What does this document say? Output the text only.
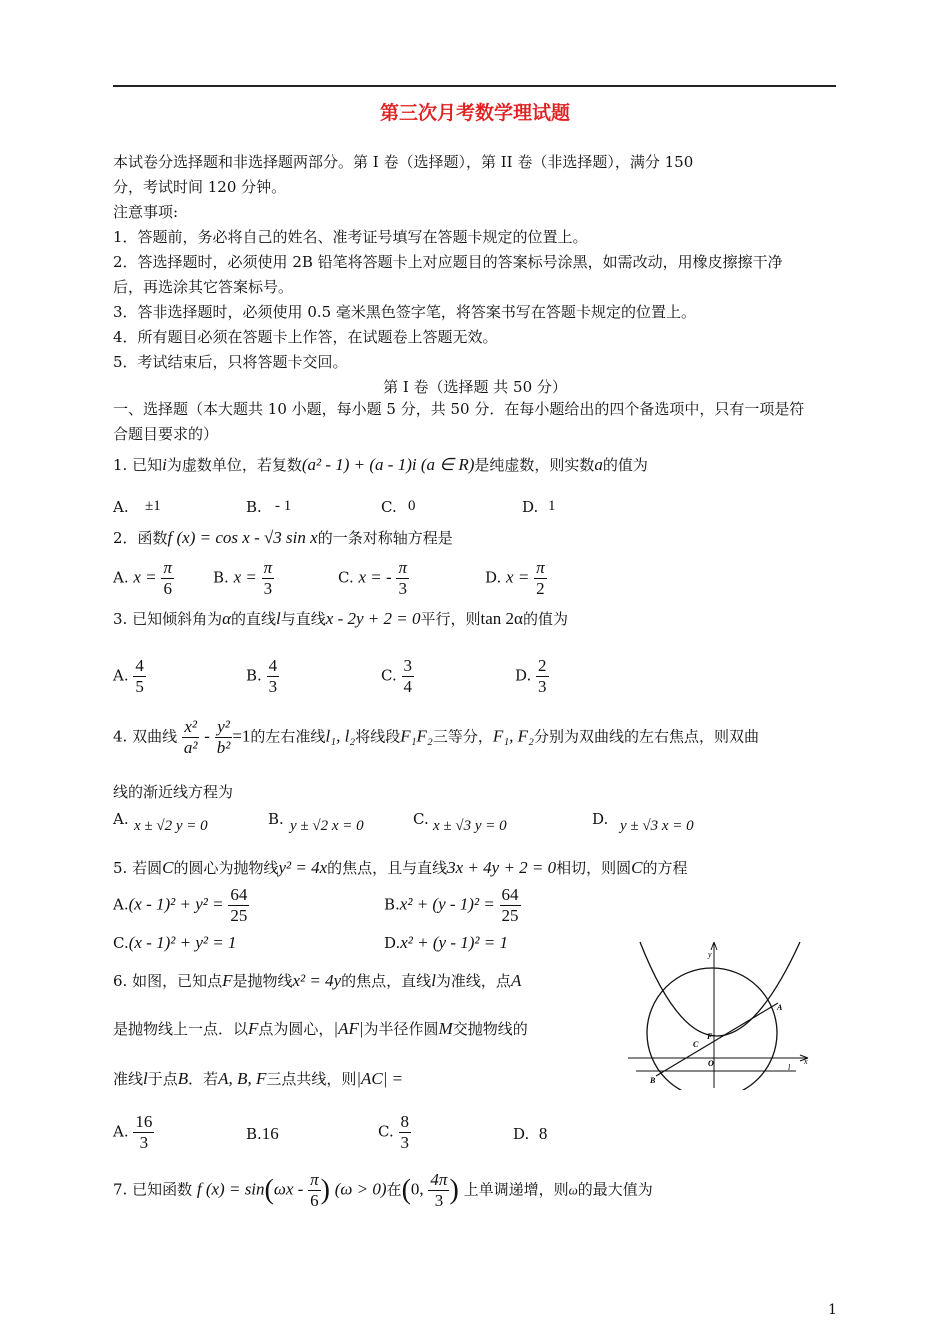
第三次月考数学理试题
本试卷分选择题和非选择题两部分。第 I 卷（选择题），第 II 卷（非选择题），满分 150
分，考试时间 120 分钟。
注意事项:
1．答题前，务必将自己的姓名、准考证号填写在答题卡规定的位置上。
2．答选择题时，必须使用 2B 铅笔将答题卡上对应题目的答案标号涂黑，如需改动，用橡皮擦擦干净
后，再选涂其它答案标号。
3．答非选择题时，必须使用 0.5 毫米黑色签字笔，将答案书写在答题卡规定的位置上。
4．所有题目必须在答题卡上作答，在试题卷上答题无效。
5．考试结束后，只将答题卡交回。
第 I 卷（选择题 共 50 分）
一、选择题（本大题共 10 小题，每小题 5 分，共 50 分．在每小题给出的四个备选项中，只有一项是符
合题目要求的）
1. 已知i为虚数单位，若复数(a² - 1) + (a - 1)i (a ∈ R)是纯虚数，则实数a的值为
A. ±1	B. - 1	C. 0	D. 1
2．函数f (x) = cos x - √3 sin x的一条对称轴方程是
A. $x = \frac{\pi}{6}$	B. $x = \frac{\pi}{3}$	C. x = - $\frac{\pi}{3}$	D. $x = \frac{\pi}{2}$
3. 已知倾斜角为α的直线l与直线x - 2y + 2 = 0平行，则tan 2α的值为
A. $\frac{4}{5}$	B. $\frac{4}{3}$	C. $\frac{3}{4}$	D. $\frac{2}{3}$
4. 双曲线 $\frac{\text{x²}}{\text{a²}} - \frac{\text{y²}}{\text{b²}} =1$的左右准线l₁, l₂将线段F₁F₂三等分，F₁, F₂分别为双曲线的左右焦点，则双曲
线的渐近线方程为
A. x ± √2 y = 0	B. y ± √2 x = 0	C. x ± √3 y = 0	D. y ± √3 x = 0
5. 若圆C的圆心为抛物线y² = 4x的焦点，且与直线3x + 4y + 2 = 0相切，则圆C的方程
$A.(x - 1)^2 + y^2 = \frac{64}{25}$	$B.x^2 + (y - 1)^2 = \frac{64}{25}$
C.(x - 1)² + y² = 1	D.x² + (y - 1)² = 1
6. 如图，已知点F是抛物线x² = 4y的焦点，直线l为准线，点A
是抛物线上一点．以F点为圆心，|AF|为半径作圆M交抛物线的
准线l于点B．若A, B, F三点共线，则|AC| =
A. $\frac{16}{3}$	B.16	C. $\frac{8}{3}$	D. 8
y
x
A
F
C
O	l
B
7. 已知函数 f $(x) = \sin(\omega x - \frac{\pi}{6}$ ) (ω > 0)在(0, $\frac{4\pi}{3}$ ) 上单调递增，则ω的最大值为
1
